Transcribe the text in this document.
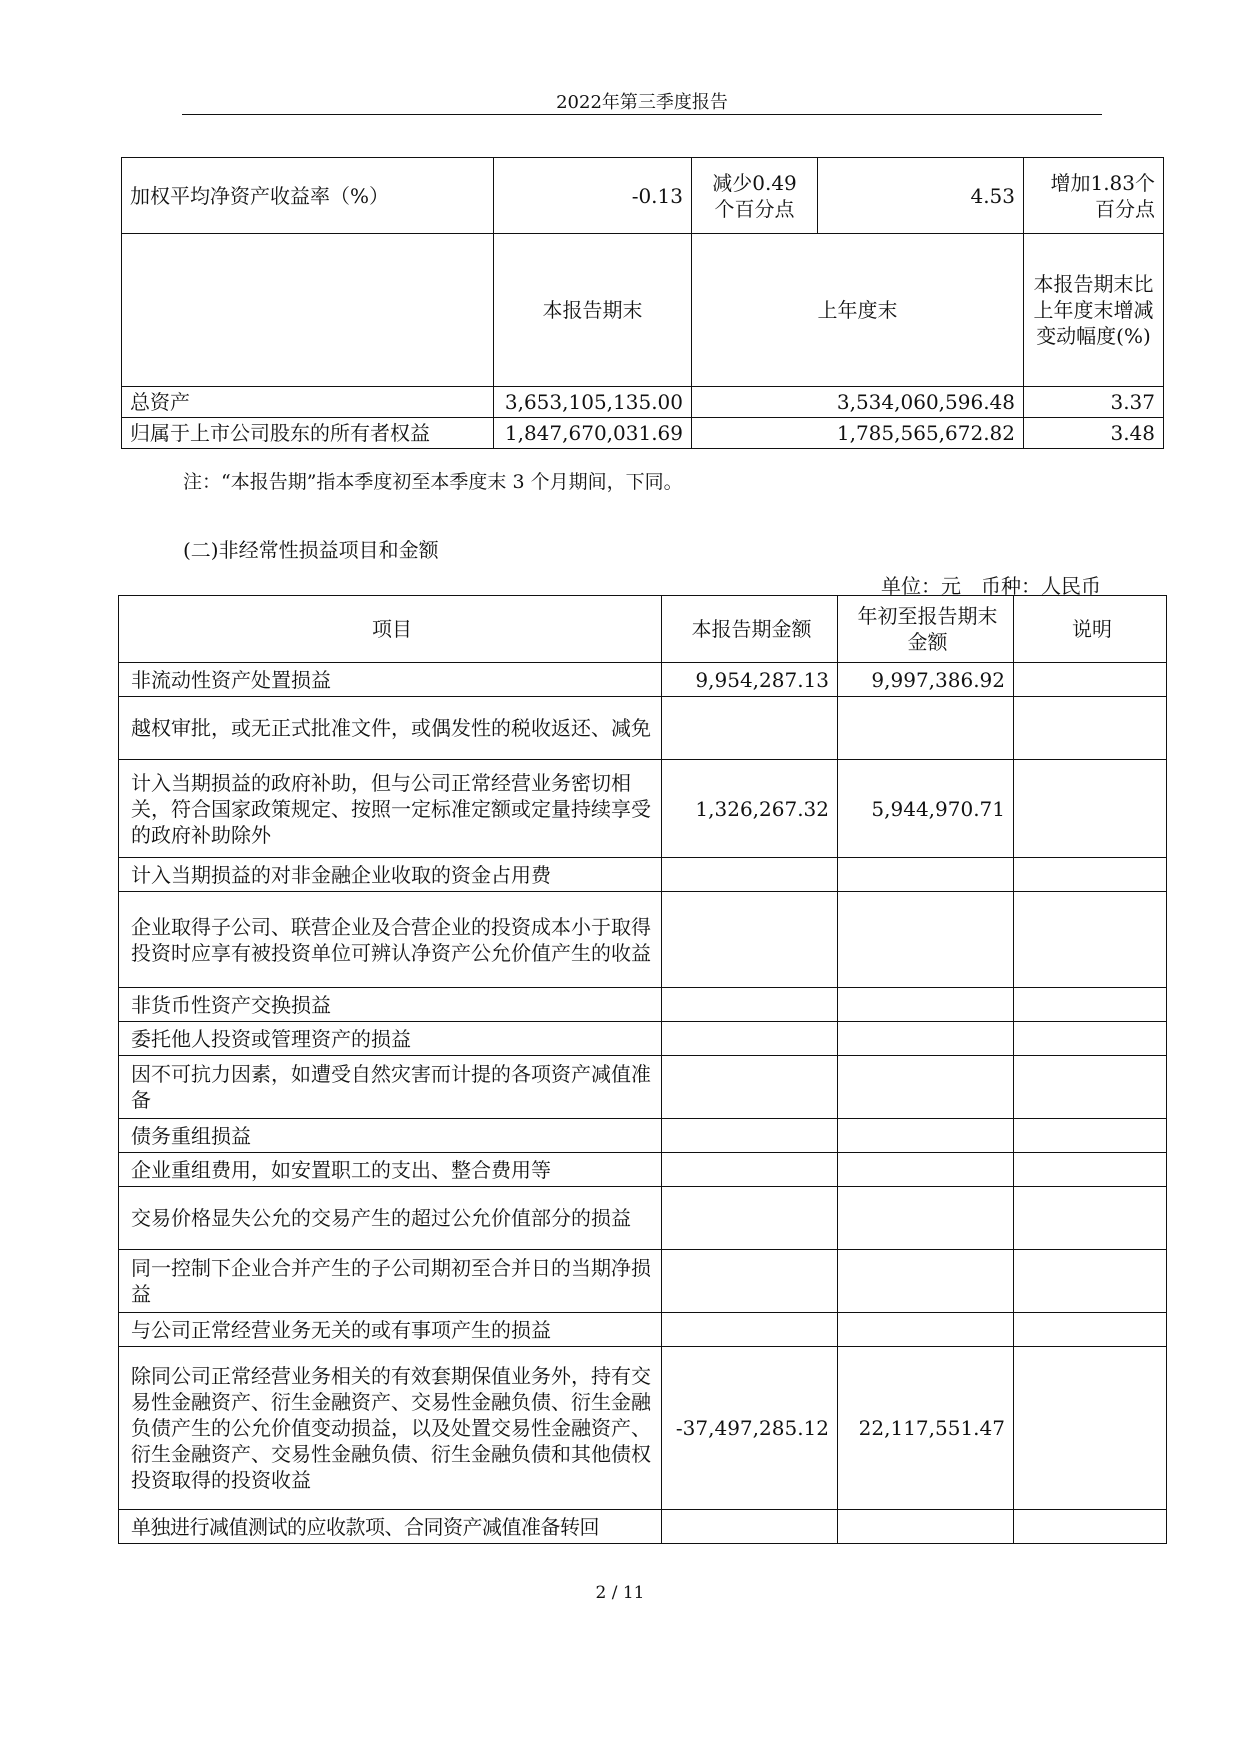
2022年第三季度报告
加权平均净资产收益率（%）	-0.13	减少0.49个百分点	4.53	增加1.83个百分点
	本报告期末	上年度末		本报告期末比上年度末增减变动幅度(%)
总资产	3,653,105,135.00	3,534,060,596.48		3.37
归属于上市公司股东的所有者权益	1,847,670,031.69	1,785,565,672.82		3.48
注：“本报告期”指本季度初至本季度末 3 个月期间，下同。
(二)非经常性损益项目和金额
单位：元 币种：人民币
项目	本报告期金额	年初至报告期末金额	说明
非流动性资产处置损益	9,954,287.13	9,997,386.92	
越权审批，或无正式批准文件，或偶发性的税收返还、减免			
计入当期损益的政府补助，但与公司正常经营业务密切相关，符合国家政策规定、按照一定标准定额或定量持续享受的政府补助除外	1,326,267.32	5,944,970.71	
计入当期损益的对非金融企业收取的资金占用费			
企业取得子公司、联营企业及合营企业的投资成本小于取得投资时应享有被投资单位可辨认净资产公允价值产生的收益			
非货币性资产交换损益			
委托他人投资或管理资产的损益			
因不可抗力因素，如遭受自然灾害而计提的各项资产减值准备			
债务重组损益			
企业重组费用，如安置职工的支出、整合费用等			
交易价格显失公允的交易产生的超过公允价值部分的损益			
同一控制下企业合并产生的子公司期初至合并日的当期净损益			
与公司正常经营业务无关的或有事项产生的损益			
除同公司正常经营业务相关的有效套期保值业务外，持有交易性金融资产、衍生金融资产、交易性金融负债、衍生金融负债产生的公允价值变动损益，以及处置交易性金融资产、衍生金融资产、交易性金融负债、衍生金融负债和其他债权投资取得的投资收益	-37,497,285.12	22,117,551.47	
单独进行减值测试的应收款项、合同资产减值准备转回			
2 / 11
